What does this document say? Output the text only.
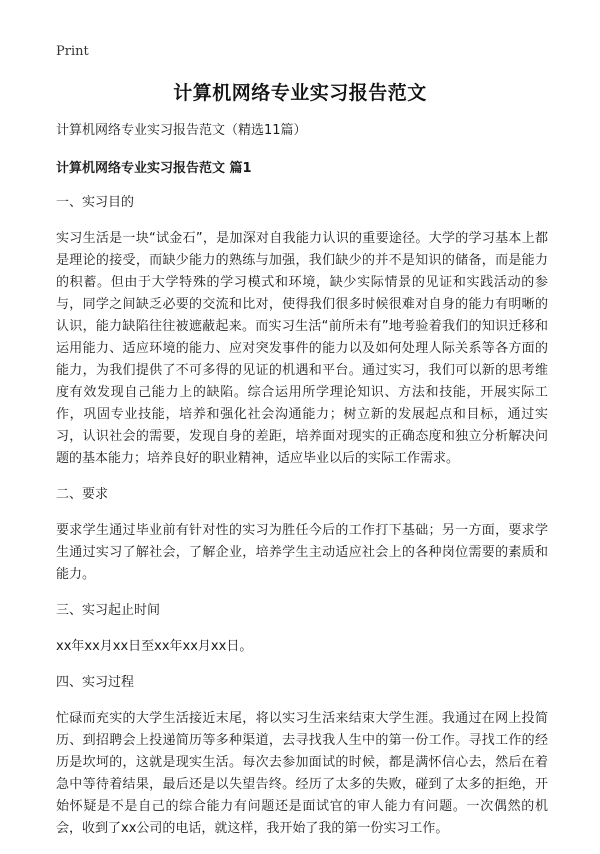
Print
计算机网络专业实习报告范文

计算机网络专业实习报告范文（精选11篇）

计算机网络专业实习报告范文 篇1

一、实习目的

实习生活是一块“试金石”，是加深对自我能力认识的重要途径。大学的学习基本上都是理论的接受，而缺少能力的熟练与加强，我们缺少的并不是知识的储备，而是能力的积蓄。但由于大学特殊的学习模式和环境，缺少实际情景的见证和实践活动的参与，同学之间缺乏必要的交流和比对，使得我们很多时候很难对自身的能力有明晰的认识，能力缺陷往往被遮蔽起来。而实习生活“前所未有”地考验着我们的知识迁移和运用能力、适应环境的能力、应对突发事件的能力以及如何处理人际关系等各方面的能力，为我们提供了不可多得的见证的机遇和平台。通过实习，我们可以新的思考维度有效发现自己能力上的缺陷。综合运用所学理论知识、方法和技能，开展实际工作，巩固专业技能，培养和强化社会沟通能力；树立新的发展起点和目标，通过实习，认识社会的需要，发现自身的差距，培养面对现实的正确态度和独立分析解决问题的基本能力；培养良好的职业精神，适应毕业以后的实际工作需求。

二、要求

要求学生通过毕业前有针对性的实习为胜任今后的工作打下基础；另一方面，要求学生通过实习了解社会，了解企业，培养学生主动适应社会上的各种岗位需要的素质和能力。

三、实习起止时间

xx年xx月xx日至xx年xx月xx日。

四、实习过程

忙碌而充实的大学生活接近末尾，将以实习生活来结束大学生涯。我通过在网上投简历、到招聘会上投递简历等多种渠道，去寻找我人生中的第一份工作。寻找工作的经历是坎坷的，这就是现实生活。每次去参加面试的时候，都是满怀信心去，然后在着急中等待着结果，最后还是以失望告终。经历了太多的失败，碰到了太多的拒绝，开始怀疑是不是自己的综合能力有问题还是面试官的审人能力有问题。一次偶然的机会，收到了xx公司的电话，就这样，我开始了我的第一份实习工作。
